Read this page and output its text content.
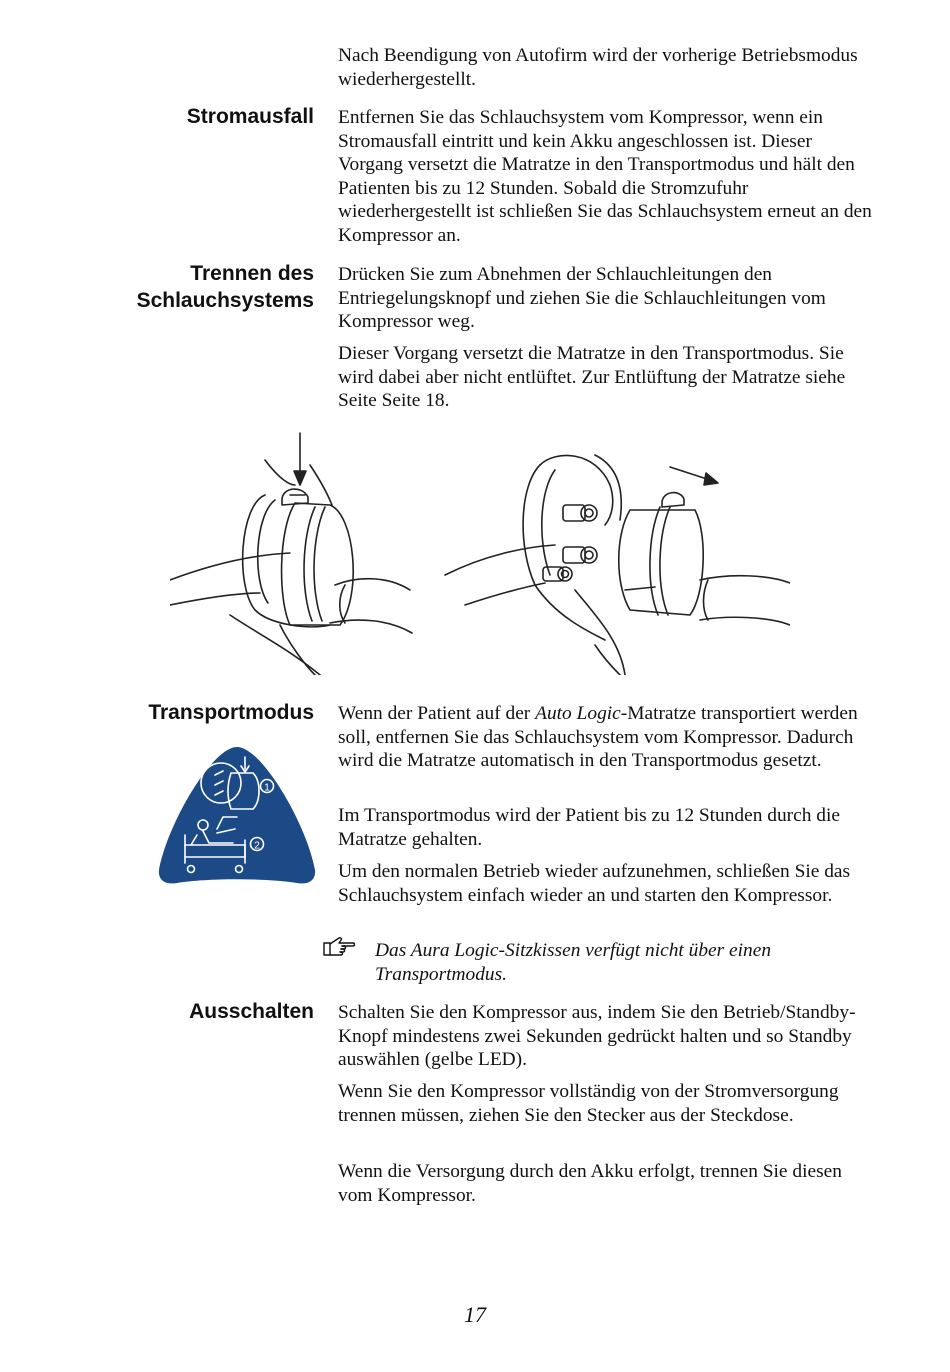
Nach Beendigung von Autofirm wird der vorherige Betriebsmodus wiederhergestellt.

Stromausfall Entfernen Sie das Schlauchsystem vom Kompressor, wenn ein Stromausfall eintritt und kein Akku angeschlossen ist. Dieser Vorgang versetzt die Matratze in den Transportmodus und hält den Patienten bis zu 12 Stunden. Sobald die Stromzufuhr wiederhergestellt ist schließen Sie das Schlauchsystem erneut an den Kompressor an.

Trennen des
Schlauchsystems

Drücken Sie zum Abnehmen der Schlauchleitungen den Entriegelungsknopf und ziehen Sie die Schlauchleitungen vom Kompressor weg.

Dieser Vorgang versetzt die Matratze in den Transportmodus. Sie wird dabei aber nicht entlüftet. Zur Entlüftung der Matratze siehe Seite Seite 18.

Transportmodus
1
2

Wenn der Patient auf der Auto Logic-Matratze transportiert werden soll, entfernen Sie das Schlauchsystem vom Kompressor. Dadurch wird die Matratze automatisch in den Transportmodus gesetzt.

Im Transportmodus wird der Patient bis zu 12 Stunden durch die Matratze gehalten.

Um den normalen Betrieb wieder aufzunehmen, schließen Sie das Schlauchsystem einfach wieder an und starten den Kompressor.

Das Aura Logic-Sitzkissen verfügt nicht über einen Transportmodus.

Ausschalten Schalten Sie den Kompressor aus, indem Sie den Betrieb/Standby-Knopf mindestens zwei Sekunden gedrückt halten und so Standby auswählen (gelbe LED).

Wenn Sie den Kompressor vollständig von der Stromversorgung trennen müssen, ziehen Sie den Stecker aus der Steckdose.

Wenn die Versorgung durch den Akku erfolgt, trennen Sie diesen vom Kompressor.

17
